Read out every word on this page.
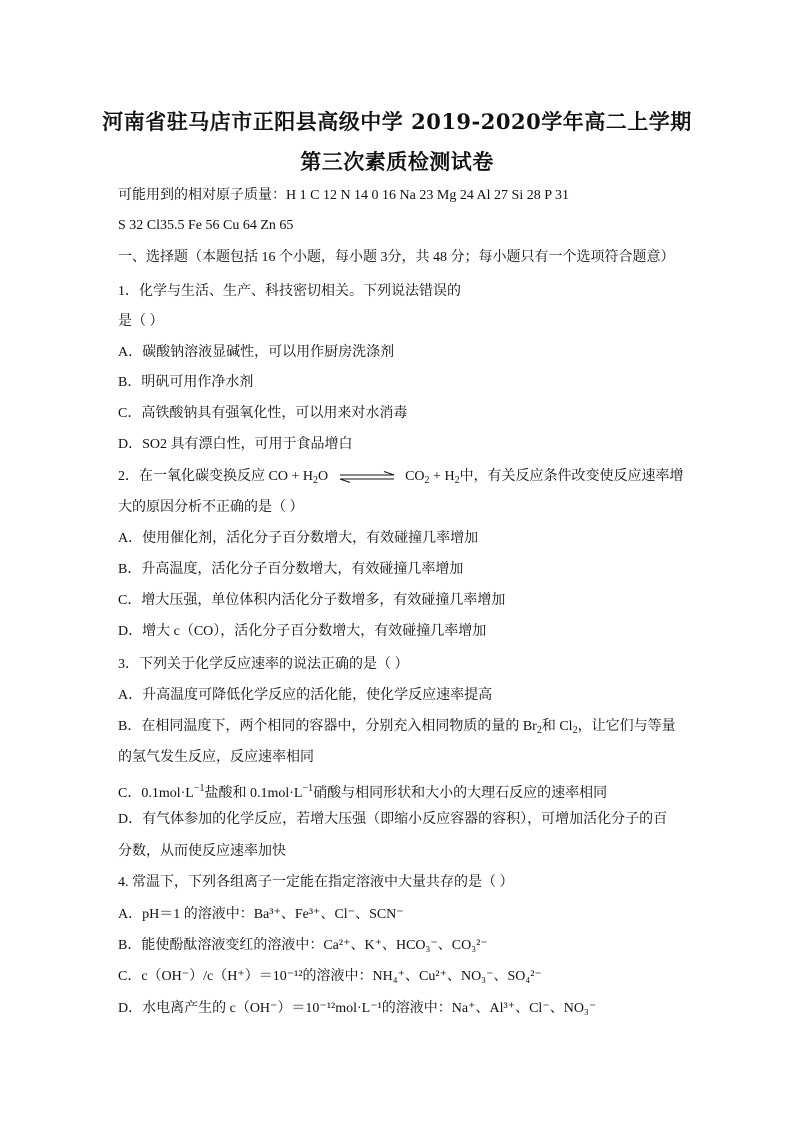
河南省驻马店市正阳县高级中学 2019-2020学年高二上学期
第三次素质检测试卷
可能用到的相对原子质量：H 1 C 12 N 14 0 16 Na 23 Mg 24 Al 27 Si 28 P 31
S 32 Cl35.5 Fe 56 Cu 64 Zn 65
一、选择题（本题包括 16 个小题，每小题 3分，共 48 分；每小题只有一个选项符合题意）
1．化学与生活、生产、科技密切相关。下列说法错误的
是（ ）
A．碳酸钠溶液显碱性，可以用作厨房洗涤剂
B．明矾可用作净水剂
C．高铁酸钠具有强氧化性，可以用来对水消毒
D．SO2 具有漂白性，可用于食品增白
2．在一氧化碳变换反应 CO + $H_2O$	$CO_2 + H_2$中，有关反应条件改变使反应速率增
大的原因分析不正确的是（ ）
A．使用催化剂，活化分子百分数增大，有效碰撞几率增加
B．升高温度，活化分子百分数增大，有效碰撞几率增加
C．增大压强，单位体积内活化分子数增多，有效碰撞几率增加
D．增大 c（CO），活化分子百分数增大，有效碰撞几率增加
3．下列关于化学反应速率的说法正确的是（ ）
A．升高温度可降低化学反应的活化能，使化学反应速率提高
B．在相同温度下，两个相同的容器中，分别充入相同物质的量的 $Br_2$和 $Cl_2$，让它们与等量
的氢气发生反应，反应速率相同
C．$0.1mol\cdot L^{-1}$盐酸和 $0.1mol\cdot L^{-1}$硝酸与相同形状和大小的大理石反应的速率相同
D．有气体参加的化学反应，若增大压强（即缩小反应容器的容积），可增加活化分子的百
分数，从而使反应速率加快
4. 常温下，下列各组离子一定能在指定溶液中大量共存的是（ ）
A．pH＝1 的溶液中：Ba³⁺、Fe³⁺、Cl⁻、SCN⁻
B．能使酚酞溶液变红的溶液中：Ca²⁺、K⁺、HCO₃⁻、CO₃²⁻
C．c（OH⁻）/c（H⁺）＝10⁻¹²的溶液中：NH₄⁺、Cu²⁺、NO₃⁻、SO₄²⁻
D．水电离产生的 c（OH⁻）＝10⁻¹²mol·L⁻¹的溶液中：Na⁺、Al³⁺、Cl⁻、NO₃⁻
